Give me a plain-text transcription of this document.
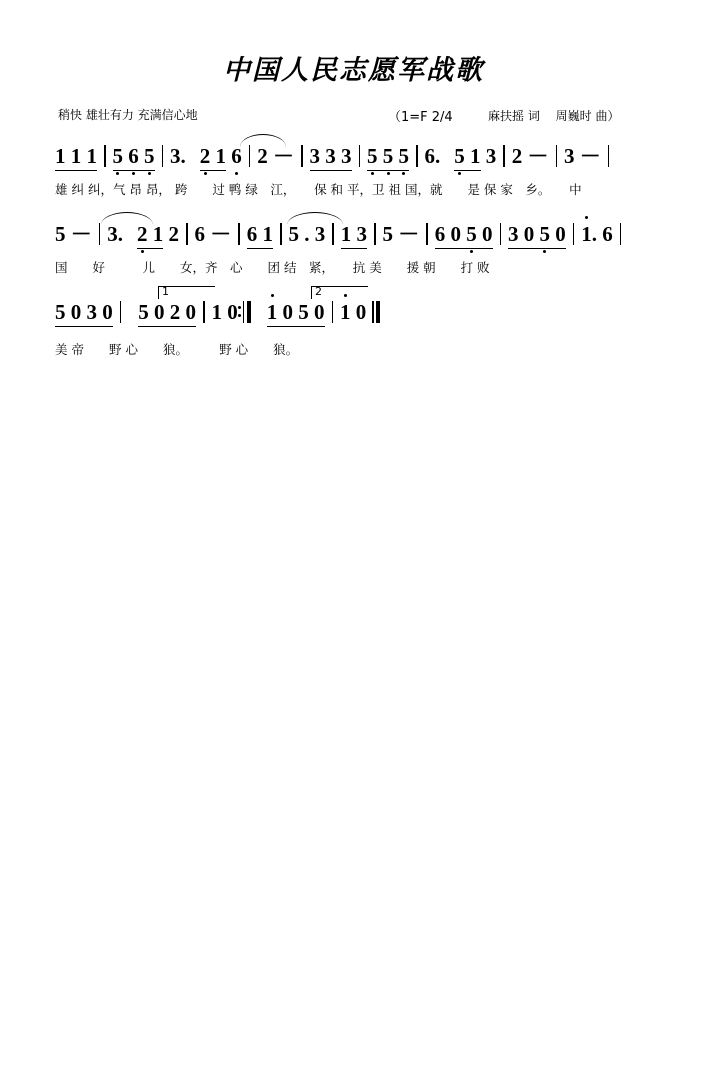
中国人民志愿军战歌
稍快 雄壮有力 充满信心地	（1=F 2/4	麻扶摇 词 周巍时 曲）
1 1 1 5 6 5 3. 2 1 6 2 － 3 3 3 5 5 5 6. 5 1 3 2 － 3 －
雄 纠 纠，气 昂 昂， 跨　　过 鸭 绿　江，　　保 和 平，卫 祖 国，就　　是 保 家　乡。　　中
5 － 3. 2 1 2 6 － 6 1 5 . 3 1 3 5 － 6 0 5 0 3 0 5 0 1. 6
国　　好　　　儿　　女，齐　心　　团 结　紧，　　抗 美　　援 朝　　打 败
5 0 3 0 5 0 2 0 1 0 1 0 5 0 1 0
1	2
美 帝　　野 心　　狼。　　　野 心　　狼。
